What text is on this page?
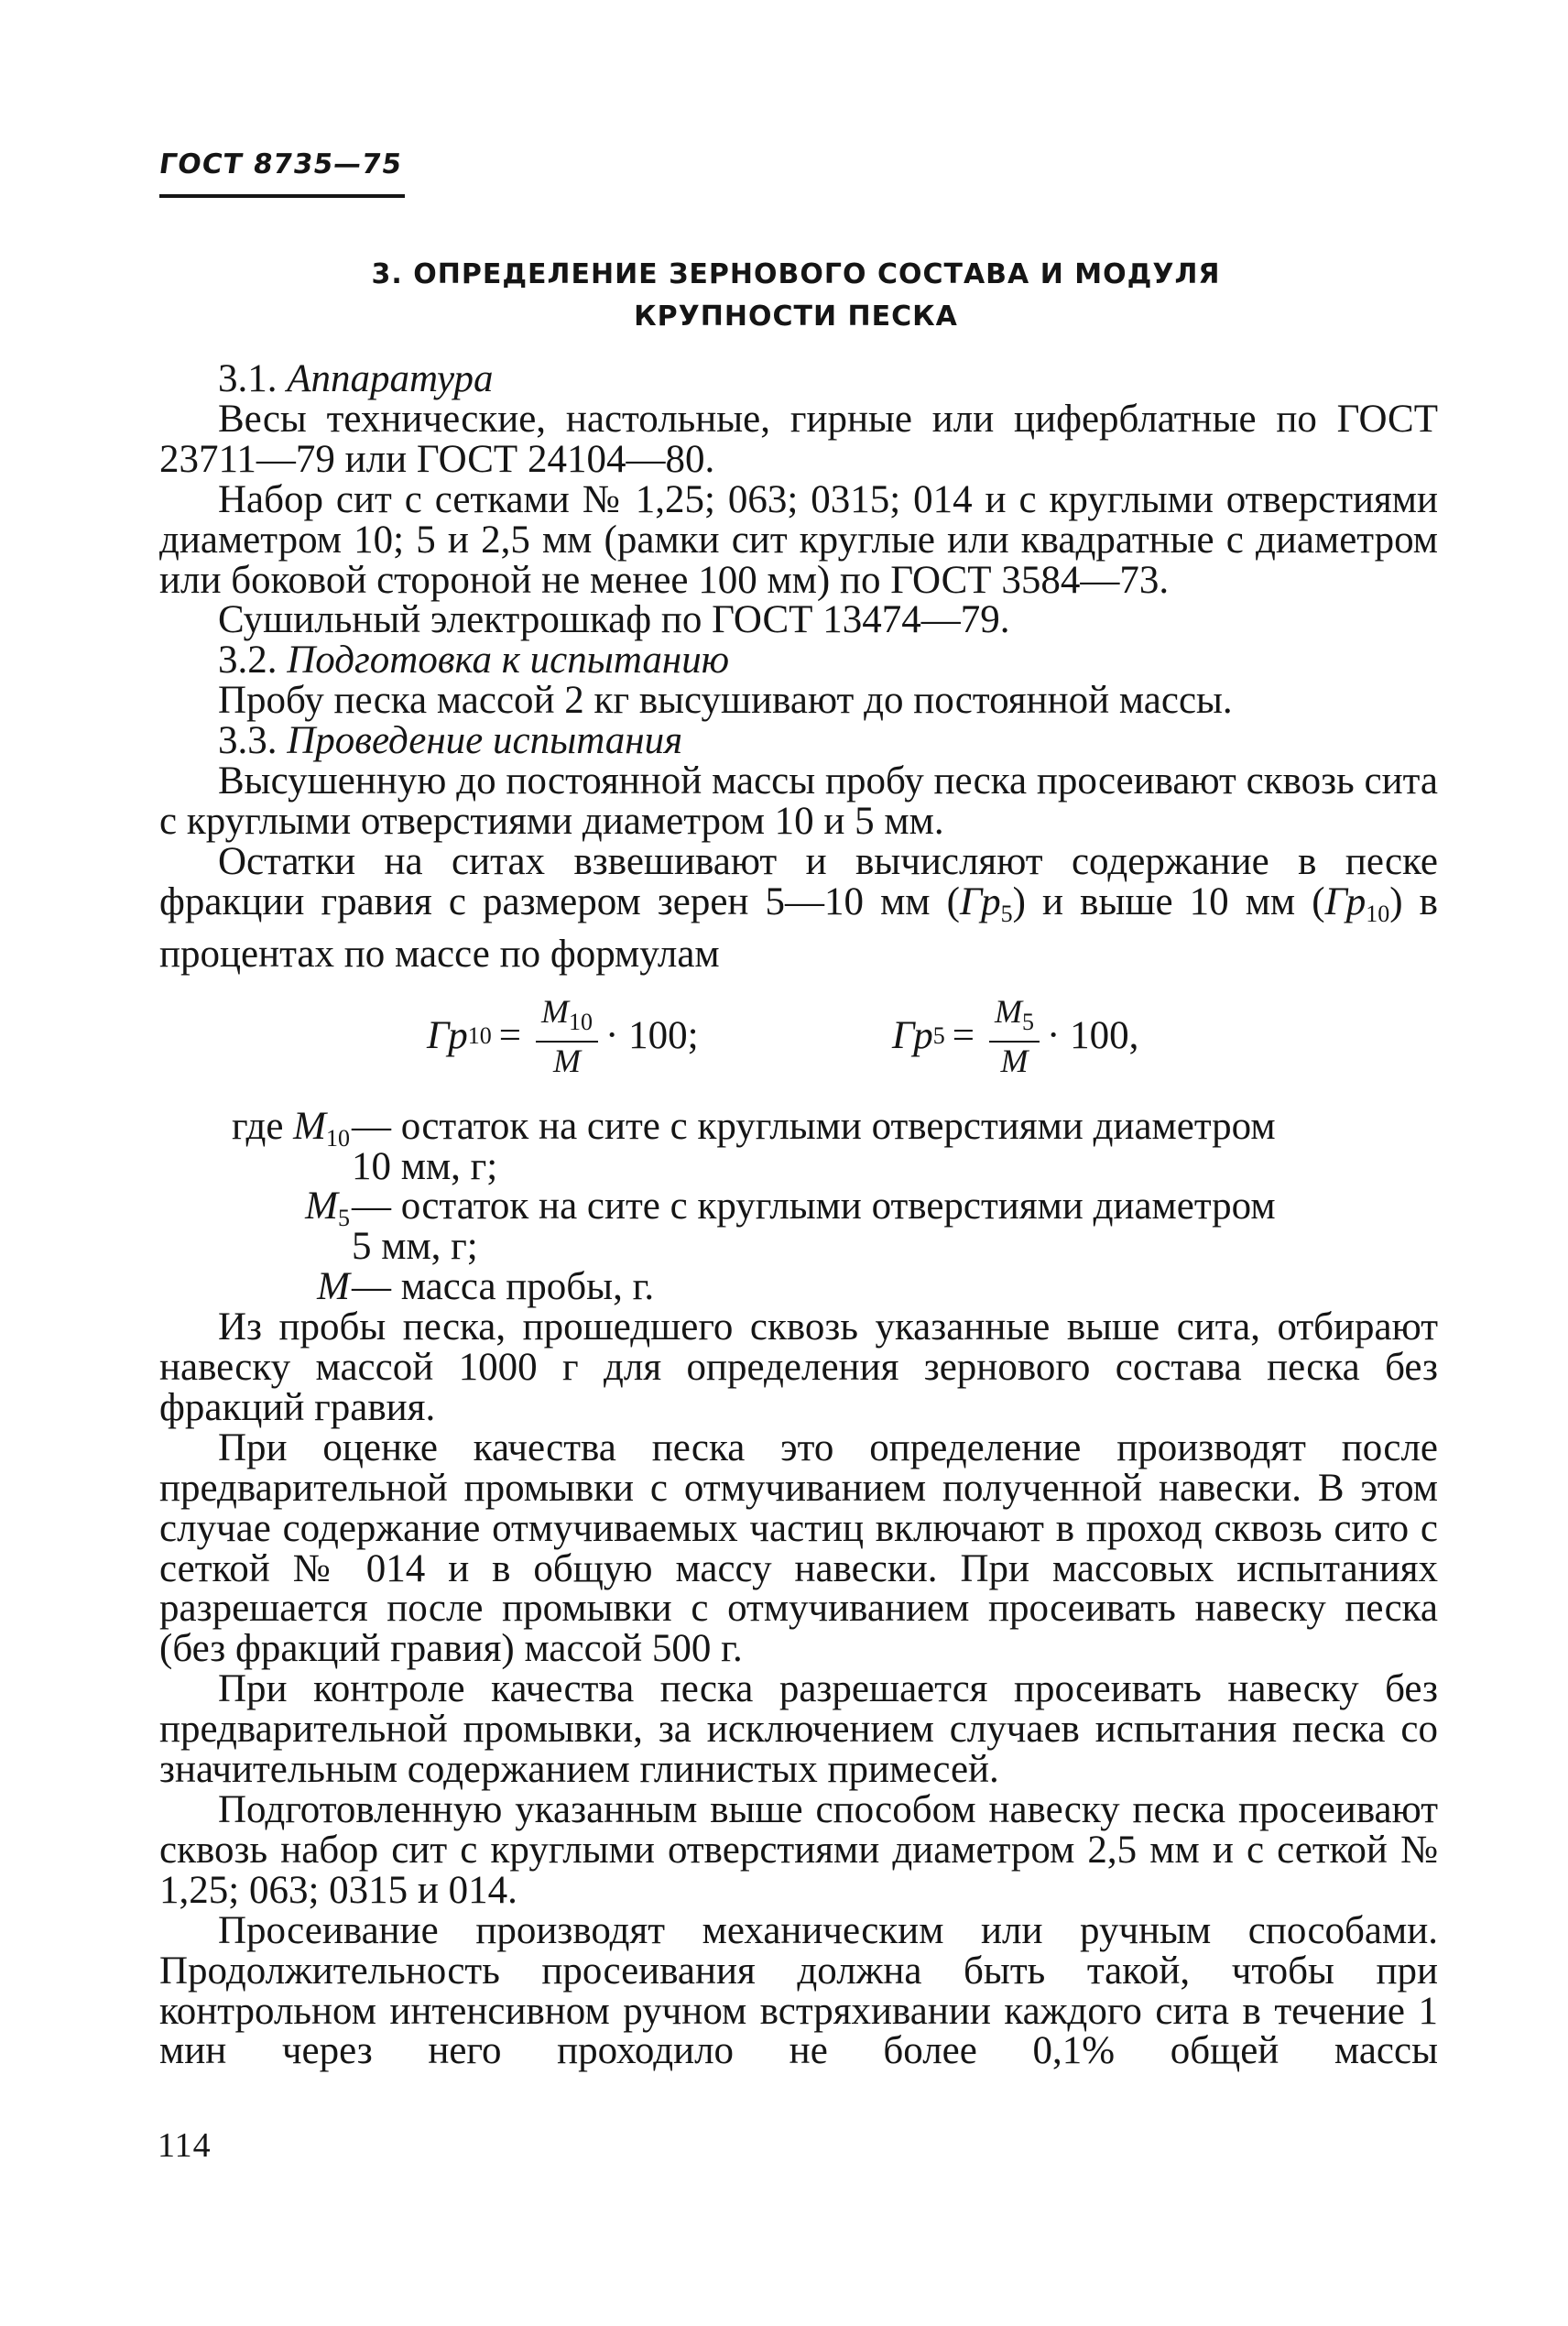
ГОСТ 8735—75
3. ОПРЕДЕЛЕНИЕ ЗЕРНОВОГО СОСТАВА И МОДУЛЯ
КРУПНОСТИ ПЕСКА

3.1. Аппаратура

Весы технические, настольные, гирные или циферблатные по ГОСТ 23711—79 или ГОСТ 24104—80.

Набор сит с сетками № 1,25; 063; 0315; 014 и с круглыми отверстиями диаметром 10; 5 и 2,5 мм (рамки сит круглые или квадратные с диаметром или боковой стороной не менее 100 мм) по ГОСТ 3584—73.

Сушильный электрошкаф по ГОСТ 13474—79.

3.2. Подготовка к испытанию

Пробу песка массой 2 кг высушивают до постоянной массы.

3.3. Проведение испытания

Высушенную до постоянной массы пробу песка просеивают сквозь сита с круглыми отверстиями диаметром 10 и 5 мм.

Остатки на ситах взвешивают и вычисляют содержание в песке фракции гравия с размером зерен 5—10 мм $(Гр_5)$ и выше 10 мм $(Гр_{10})$ в процентах по массе по формулам

Гр $10 = \frac{M_{10}}{M} \cdot 100$;	Гр $5 = \frac{M_5}{M} \cdot 100$,
где $M_{10}$ — остаток на сите с круглыми отверстиями диаметром
10 мм, г;
$M_5$ — остаток на сите с круглыми отверстиями диаметром
5 мм, г;
M — масса пробы, г.

Из пробы песка, прошедшего сквозь указанные выше сита, отбирают навеску массой 1000 г для определения зернового состава песка без фракций гравия.

При оценке качества песка это определение производят после предварительной промывки с отмучиванием полученной навески. В этом случае содержание отмучиваемых частиц включают в проход сквозь сито с сеткой № 014 и в общую массу навески. При массовых испытаниях разрешается после промывки с отмучиванием просеивать навеску песка (без фракций гравия) массой 500 г.

При контроле качества песка разрешается просеивать навеску без предварительной промывки, за исключением случаев испытания песка со значительным содержанием глинистых примесей.

Подготовленную указанным выше способом навеску песка просеивают сквозь набор сит с круглыми отверстиями диаметром 2,5 мм и с сеткой № 1,25; 063; 0315 и 014.

Просеивание производят механическим или ручным способами. Продолжительность просеивания должна быть такой, чтобы при контрольном интенсивном ручном встряхивании каждого сита в течение 1 мин через него проходило не более 0,1% общей массы

114
